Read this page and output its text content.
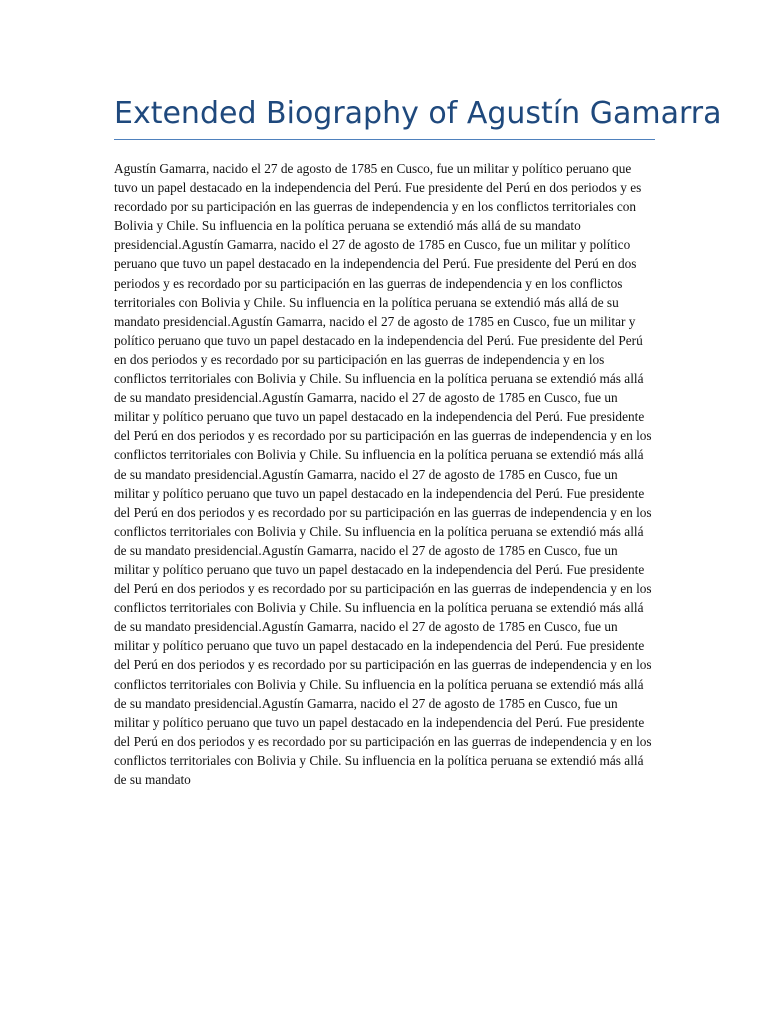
Extended Biography of Agustín Gamarra

Agustín Gamarra, nacido el 27 de agosto de 1785 en Cusco, fue un militar y político peruano que tuvo un papel destacado en la independencia del Perú. Fue presidente del Perú en dos periodos y es recordado por su participación en las guerras de independencia y en los conflictos territoriales con Bolivia y Chile. Su influencia en la política peruana se extendió más allá de su mandato presidencial.Agustín Gamarra, nacido el 27 de agosto de 1785 en Cusco, fue un militar y político peruano que tuvo un papel destacado en la independencia del Perú. Fue presidente del Perú en dos periodos y es recordado por su participación en las guerras de independencia y en los conflictos territoriales con Bolivia y Chile. Su influencia en la política peruana se extendió más allá de su mandato presidencial.Agustín Gamarra, nacido el 27 de agosto de 1785 en Cusco, fue un militar y político peruano que tuvo un papel destacado en la independencia del Perú. Fue presidente del Perú en dos periodos y es recordado por su participación en las guerras de independencia y en los conflictos territoriales con Bolivia y Chile. Su influencia en la política peruana se extendió más allá de su mandato presidencial.Agustín Gamarra, nacido el 27 de agosto de 1785 en Cusco, fue un militar y político peruano que tuvo un papel destacado en la independencia del Perú. Fue presidente del Perú en dos periodos y es recordado por su participación en las guerras de independencia y en los conflictos territoriales con Bolivia y Chile. Su influencia en la política peruana se extendió más allá de su mandato presidencial.Agustín Gamarra, nacido el 27 de agosto de 1785 en Cusco, fue un militar y político peruano que tuvo un papel destacado en la independencia del Perú. Fue presidente del Perú en dos periodos y es recordado por su participación en las guerras de independencia y en los conflictos territoriales con Bolivia y Chile. Su influencia en la política peruana se extendió más allá de su mandato presidencial.Agustín Gamarra, nacido el 27 de agosto de 1785 en Cusco, fue un militar y político peruano que tuvo un papel destacado en la independencia del Perú. Fue presidente del Perú en dos periodos y es recordado por su participación en las guerras de independencia y en los conflictos territoriales con Bolivia y Chile. Su influencia en la política peruana se extendió más allá de su mandato presidencial.Agustín Gamarra, nacido el 27 de agosto de 1785 en Cusco, fue un militar y político peruano que tuvo un papel destacado en la independencia del Perú. Fue presidente del Perú en dos periodos y es recordado por su participación en las guerras de independencia y en los conflictos territoriales con Bolivia y Chile. Su influencia en la política peruana se extendió más allá de su mandato presidencial.Agustín Gamarra, nacido el 27 de agosto de 1785 en Cusco, fue un militar y político peruano que tuvo un papel destacado en la independencia del Perú. Fue presidente del Perú en dos periodos y es recordado por su participación en las guerras de independencia y en los conflictos territoriales con Bolivia y Chile. Su influencia en la política peruana se extendió más allá de su mandato
